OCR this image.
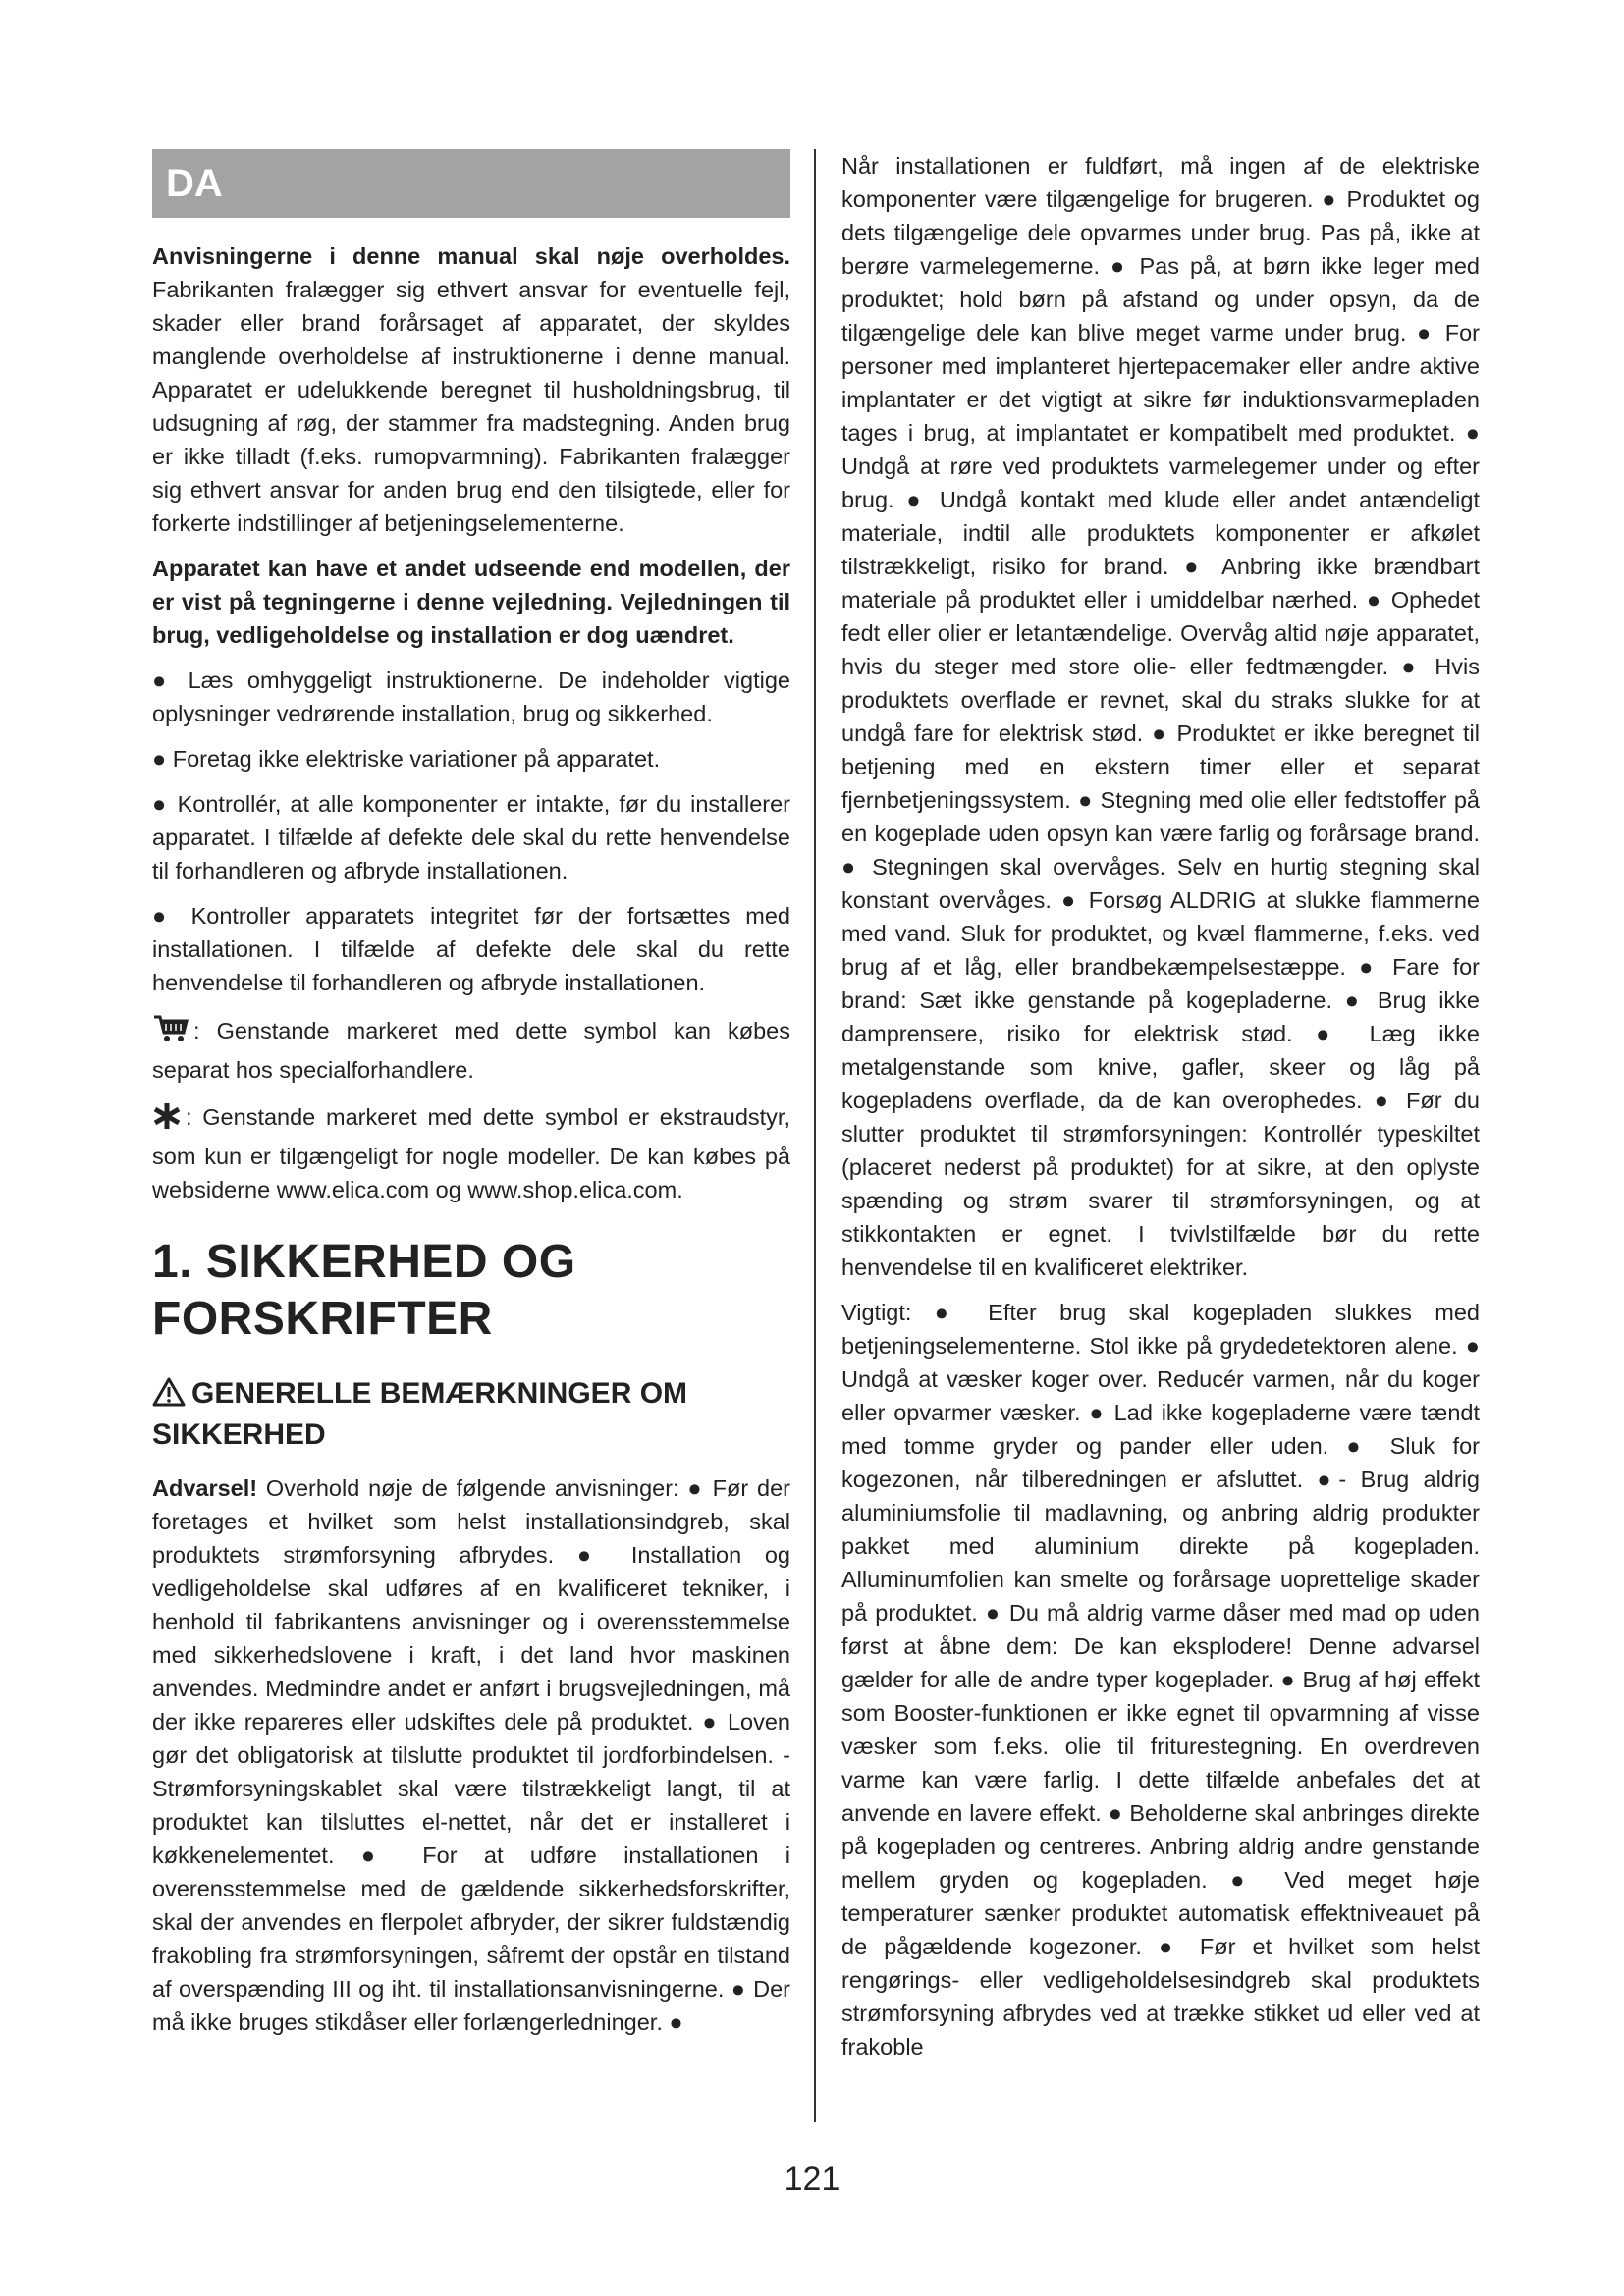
DA

Anvisningerne i denne manual skal nøje overholdes. Fabrikanten fralægger sig ethvert ansvar for eventuelle fejl, skader eller brand forårsaget af apparatet, der skyldes manglende overholdelse af instruktionerne i denne manual. Apparatet er udelukkende beregnet til husholdningsbrug, til udsugning af røg, der stammer fra madstegning. Anden brug er ikke tilladt (f.eks. rumopvarmning). Fabrikanten fralægger sig ethvert ansvar for anden brug end den tilsigtede, eller for forkerte indstillinger af betjeningselementerne.

Apparatet kan have et andet udseende end modellen, der er vist på tegningerne i denne vejledning. Vejledningen til brug, vedligeholdelse og installation er dog uændret.

● Læs omhyggeligt instruktionerne. De indeholder vigtige oplysninger vedrørende installation, brug og sikkerhed.

● Foretag ikke elektriske variationer på apparatet.

● Kontrollér, at alle komponenter er intakte, før du installerer apparatet. I tilfælde af defekte dele skal du rette henvendelse til forhandleren og afbryde installationen.

● Kontroller apparatets integritet før der fortsættes med installationen. I tilfælde af defekte dele skal du rette henvendelse til forhandleren og afbryde installationen.

: Genstande markeret med dette symbol kan købes separat hos specialforhandlere.
: Genstande markeret med dette symbol er ekstraudstyr, som kun er tilgængeligt for nogle modeller. De kan købes på websiderne www.elica.com og www.shop.elica.com.
1. SIKKERHED OG FORSKRIFTER
GENERELLE BEMÆRKNINGER OM SIKKERHED

Advarsel! Overhold nøje de følgende anvisninger: ● Før der foretages et hvilket som helst installationsindgreb, skal produktets strømforsyning afbrydes. ● Installation og vedligeholdelse skal udføres af en kvalificeret tekniker, i henhold til fabrikantens anvisninger og i overensstemmelse med sikkerhedslovene i kraft, i det land hvor maskinen anvendes. Medmindre andet er anført i brugsvejledningen, må der ikke repareres eller udskiftes dele på produktet. ● Loven gør det obligatorisk at tilslutte produktet til jordforbindelsen. - Strømforsyningskablet skal være tilstrækkeligt langt, til at produktet kan tilsluttes el-nettet, når det er installeret i køkkenelementet. ● For at udføre installationen i overensstemmelse med de gældende sikkerhedsforskrifter, skal der anvendes en flerpolet afbryder, der sikrer fuldstændig frakobling fra strømforsyningen, såfremt der opstår en tilstand af overspænding III og iht. til installationsanvisningerne. ● Der må ikke bruges stikdåser eller forlængerledninger. ●

Når installationen er fuldført, må ingen af de elektriske komponenter være tilgængelige for brugeren. ● Produktet og dets tilgængelige dele opvarmes under brug. Pas på, ikke at berøre varmelegemerne. ● Pas på, at børn ikke leger med produktet; hold børn på afstand og under opsyn, da de tilgængelige dele kan blive meget varme under brug. ● For personer med implanteret hjertepacemaker eller andre aktive implantater er det vigtigt at sikre før induktionsvarmepladen tages i brug, at implantatet er kompatibelt med produktet. ● Undgå at røre ved produktets varmelegemer under og efter brug. ● Undgå kontakt med klude eller andet antændeligt materiale, indtil alle produktets komponenter er afkølet tilstrækkeligt, risiko for brand. ● Anbring ikke brændbart materiale på produktet eller i umiddelbar nærhed. ● Ophedet fedt eller olier er letantændelige. Overvåg altid nøje apparatet, hvis du steger med store olie- eller fedtmængder. ● Hvis produktets overflade er revnet, skal du straks slukke for at undgå fare for elektrisk stød. ● Produktet er ikke beregnet til betjening med en ekstern timer eller et separat fjernbetjeningssystem. ● Stegning med olie eller fedtstoffer på en kogeplade uden opsyn kan være farlig og forårsage brand. ● Stegningen skal overvåges. Selv en hurtig stegning skal konstant overvåges. ● Forsøg ALDRIG at slukke flammerne med vand. Sluk for produktet, og kvæl flammerne, f.eks. ved brug af et låg, eller brandbekæmpelsestæppe. ● Fare for brand: Sæt ikke genstande på kogepladerne. ● Brug ikke damprensere, risiko for elektrisk stød. ● Læg ikke metalgenstande som knive, gafler, skeer og låg på kogepladens overflade, da de kan overophedes. ● Før du slutter produktet til strømforsyningen: Kontrollér typeskiltet (placeret nederst på produktet) for at sikre, at den oplyste spænding og strøm svarer til strømforsyningen, og at stikkontakten er egnet. I tvivlstilfælde bør du rette henvendelse til en kvalificeret elektriker.

Vigtigt: ● Efter brug skal kogepladen slukkes med betjeningselementerne. Stol ikke på grydedetektoren alene. ● Undgå at væsker koger over. Reducér varmen, når du koger eller opvarmer væsker. ● Lad ikke kogepladerne være tændt med tomme gryder og pander eller uden. ● Sluk for kogezonen, når tilberedningen er afsluttet. ●- Brug aldrig aluminiumsfolie til madlavning, og anbring aldrig produkter pakket med aluminium direkte på kogepladen. Alluminumfolien kan smelte og forårsage uoprettelige skader på produktet. ● Du må aldrig varme dåser med mad op uden først at åbne dem: De kan eksplodere! Denne advarsel gælder for alle de andre typer kogeplader. ● Brug af høj effekt som Booster-funktionen er ikke egnet til opvarmning af visse væsker som f.eks. olie til friturestegning. En overdreven varme kan være farlig. I dette tilfælde anbefales det at anvende en lavere effekt. ● Beholderne skal anbringes direkte på kogepladen og centreres. Anbring aldrig andre genstande mellem gryden og kogepladen. ● Ved meget høje temperaturer sænker produktet automatisk effektniveauet på de pågældende kogezoner. ● Før et hvilket som helst rengørings- eller vedligeholdelsesindgreb skal produktets strømforsyning afbrydes ved at trække stikket ud eller ved at frakoble

121
